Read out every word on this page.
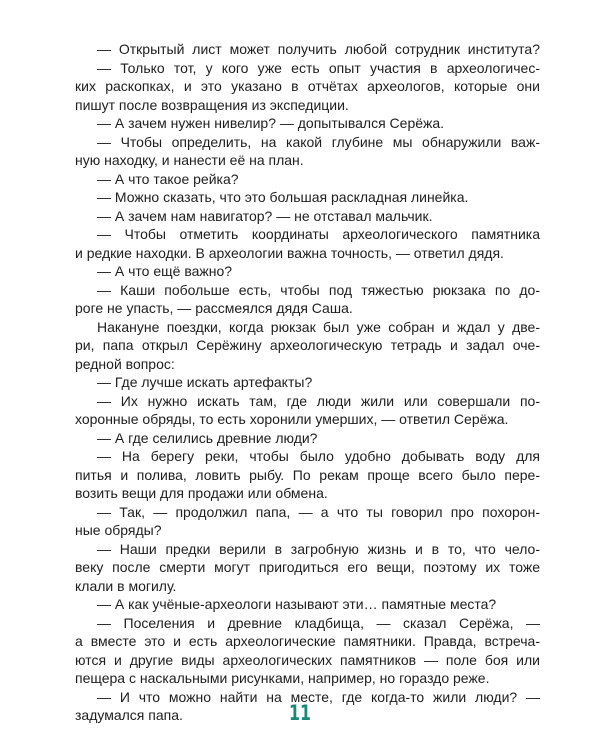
— Открытый лист может получить любой сотрудник института?
— Только тот, у кого уже есть опыт участия в археологичес-
ких раскопках, и это указано в отчётах археологов, которые они
пишут после возвращения из экспедиции.
— А зачем нужен нивелир? — допытывался Серёжа.
— Чтобы определить, на какой глубине мы обнаружили важ-
ную находку, и нанести её на план.
— А что такое рейка?
— Можно сказать, что это большая раскладная линейка.
— А зачем нам навигатор? — не отставал мальчик.
— Чтобы отметить координаты археологического памятника
и редкие находки. В археологии важна точность, — ответил дядя.
— А что ещё важно?
— Каши побольше есть, чтобы под тяжестью рюкзака по до-
роге не упасть, — рассмеялся дядя Саша.
Накануне поездки, когда рюкзак был уже собран и ждал у две-
ри, папа открыл Серёжину археологическую тетрадь и задал оче-
редной вопрос:
— Где лучше искать артефакты?
— Их нужно искать там, где люди жили или совершали по-
хоронные обряды, то есть хоронили умерших, — ответил Серёжа.
— А где селились древние люди?
— На берегу реки, чтобы было удобно добывать воду для
питья и полива, ловить рыбу. По рекам проще всего было пере-
возить вещи для продажи или обмена.
— Так, — продолжил папа, — а что ты говорил про похорон-
ные обряды?
— Наши предки верили в загробную жизнь и в то, что чело-
веку после смерти могут пригодиться его вещи, поэтому их тоже
клали в могилу.
— А как учёные-археологи называют эти… памятные места?
— Поселения и древние кладбища, — сказал Серёжа, —
а вместе это и есть археологические памятники. Правда, встреча-
ются и другие виды археологических памятников — поле боя или
пещера с наскальными рисунками, например, но гораздо реже.
— И что можно найти на месте, где когда-то жили люди? —
задумался папа.	11
